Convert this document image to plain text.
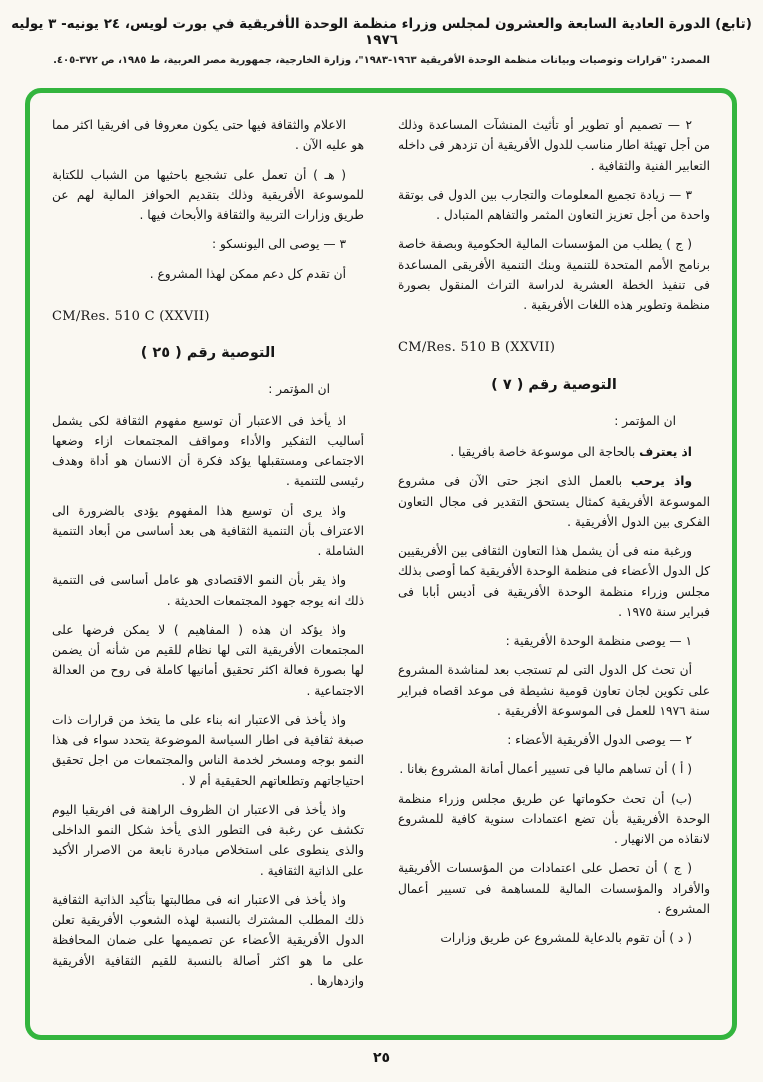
(تابع) الدورة العادية السابعة والعشرون لمجلس وزراء منظمة الوحدة الأفريقية في بورت لويس، ٢٤ يونيه- ٣ يوليه ١٩٧٦
المصدر: "قرارات وتوصيات وبيانات منظمة الوحدة الأفريقية ١٩٦٣-١٩٨٣"، وزارة الخارجية، جمهورية مصر العربية، ط ١٩٨٥، ص ٣٧٢-٤٠٥.

٢ — تصميم أو تطوير أو تأثيث المنشآت المساعدة وذلك من أجل تهيئة اطار مناسب للدول الأفريقية أن تزدهر فى داخله التعابير الفنية والثقافية .

٣ — زيادة تجميع المعلومات والتجارب بين الدول فى بوتقة واحدة من أجل تعزيز التعاون المثمر والتفاهم المتبادل .

( ج ) يطلب من المؤسسات المالية الحكومية وبصفة خاصة برنامج الأمم المتحدة للتنمية وبنك التنمية الأفريقى المساعدة فى تنفيذ الخطة العشرية لدراسة التراث المنقول بصورة منظمة وتطوير هذه اللغات الأفريقية .

CM/Res. 510 B (XXVII)

التوصية رقم ( ٧ )

ان المؤتمر :

اذ يعترف بالحاجة الى موسوعة خاصة بافريقيا .

واذ يرحب بالعمل الذى انجز حتى الآن فى مشروع الموسوعة الأفريقية كمثال يستحق التقدير فى مجال التعاون الفكرى بين الدول الأفريقية .

ورغبة منه فى أن يشمل هذا التعاون الثقافى بين الأفريقيين كل الدول الأعضاء فى منظمة الوحدة الأفريقية كما أوصى بذلك مجلس وزراء منظمة الوحدة الأفريقية فى أديس أبابا فى فبراير سنة ١٩٧٥ .

١ — يوصى منظمة الوحدة الأفريقية :

أن تحث كل الدول التى لم تستجب بعد لمناشدة المشروع على تكوين لجان تعاون قومية نشيطة فى موعد اقصاه فبراير سنة ١٩٧٦ للعمل فى الموسوعة الأفريقية .

٢ — يوصى الدول الأفريقية الأعضاء :

( أ ) أن تساهم ماليا فى تسيير أعمال أمانة المشروع بغانا .

(ب) أن تحث حكوماتها عن طريق مجلس وزراء منظمة الوحدة الأفريقية بأن تضع اعتمادات سنوية كافية للمشروع لانقاذه من الانهيار .

( ج ) أن تحصل على اعتمادات من المؤسسات الأفريقية والأفراد والمؤسسات المالية للمساهمة فى تسيير أعمال المشروع .

( د ) أن تقوم بالدعاية للمشروع عن طريق وزارات

الاعلام والثقافة فيها حتى يكون معروفا فى افريقيا اكثر مما هو عليه الآن .

( هـ ) أن تعمل على تشجيع باحثيها من الشباب للكتابة للموسوعة الأفريقية وذلك بتقديم الحوافز المالية لهم عن طريق وزارات التربية والثقافة والأبحاث فيها .

٣ — يوصى الى اليونسكو :

أن تقدم كل دعم ممكن لهذا المشروع .

CM/Res. 510 C (XXVII)

التوصية رقم ( ٢٥ )

ان المؤتمر :

اذ يأخذ فى الاعتبار أن توسيع مفهوم الثقافة لكى يشمل أساليب التفكير والأداء ومواقف المجتمعات ازاء وضعها الاجتماعى ومستقبلها يؤكد فكرة أن الانسان هو أداة وهدف رئيسى للتنمية .

واذ يرى أن توسيع هذا المفهوم يؤدى بالضرورة الى الاعتراف بأن التنمية الثقافية هى بعد أساسى من أبعاد التنمية الشاملة .

واذ يقر بأن النمو الاقتصادى هو عامل أساسى فى التنمية ذلك انه يوجه جهود المجتمعات الحديثة .

واذ يؤكد ان هذه ( المفاهيم ) لا يمكن فرضها على المجتمعات الأفريقية التى لها نظام للقيم من شأنه أن يضمن لها بصورة فعالة اكثر تحقيق أمانيها كاملة فى روح من العدالة الاجتماعية .

واذ يأخذ فى الاعتبار انه بناء على ما يتخذ من قرارات ذات صبغة ثقافية فى اطار السياسة الموضوعة يتحدد سواء فى هذا النمو بوجه ومسخر لخدمة الناس والمجتمعات من اجل تحقيق احتياجاتهم وتطلعاتهم الحقيقية أم لا .

واذ يأخذ فى الاعتبار ان الظروف الراهنة فى افريقيا اليوم تكشف عن رغبة فى التطور الذى يأخذ شكل النمو الداخلى والذى ينطوى على استخلاص مبادرة نابعة من الاصرار الأكيد على الذاتية الثقافية .

واذ يأخذ فى الاعتبار انه فى مطالبتها بتأكيد الذاتية الثقافية ذلك المطلب المشترك بالنسبة لهذه الشعوب الأفريقية تعلن الدول الأفريقية الأعضاء عن تصميمها على ضمان المحافظة على ما هو اكثر أصالة بالنسبة للقيم الثقافية الأفريقية وازدهارها .

٢٥
